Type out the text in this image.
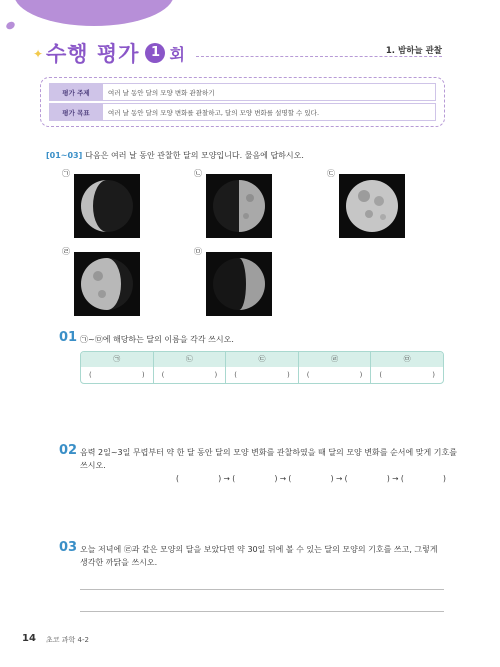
✦ 수행 평가 1 회	1. 밤하늘 관찰
평가 주제	여러 날 동안 달의 모양 변화 관찰하기
평가 목표	여러 날 동안 달의 모양 변화를 관찰하고, 달의 모양 변화를 설명할 수 있다.
[01~03] 다음은 여러 날 동안 관찰한 달의 모양입니다. 물음에 답하시오.
㉠	㉡	㉢
㉣	㉤
01 ㉠~㉤에 해당하는 달의 이름을 각각 쓰시오.
㉠	㉡	㉢	㉣	㉤
(	) (	) (	) (	) (	)
02 음력 2일~3일 무렵부터 약 한 달 동안 달의 모양 변화를 관찰하였을 때 달의 모양 변화를 순서에 맞게 기호를
쓰시오.
(	) → (	) → (	) → (	) → (	)
03 오늘 저녁에 ㉣과 같은 모양의 달을 보았다면 약 30일 뒤에 볼 수 있는 달의 모양의 기호를 쓰고, 그렇게
생각한 까닭을 쓰시오.
14 초코 과학 4-2
